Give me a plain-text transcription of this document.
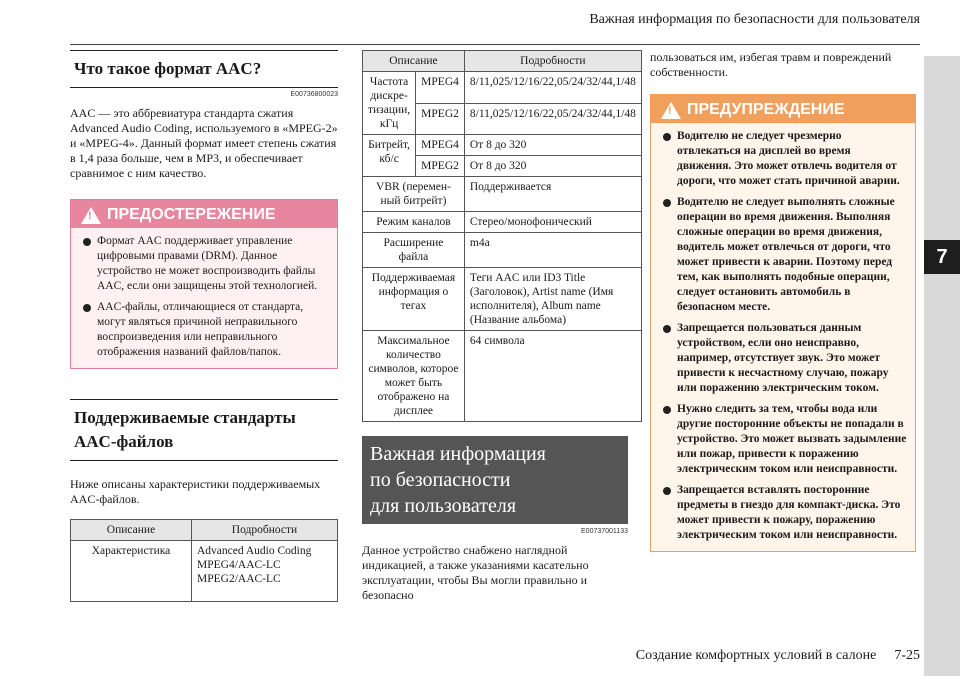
Важная информация по безопасности для пользователя
7
Что такое формат AAC?
E00736800023
AAC — это аббревиатура стандарта сжатия Advanced Audio Coding, используемого в «MPEG-2» и «MPEG-4». Данный формат имеет степень сжатия в 1,4 раза больше, чем в MP3, и обеспечивает сравнимое с ним качество.
! ПРЕДОСТЕРЕЖЕНИЕ
Формат AAC поддерживает управление цифровыми правами (DRM). Данное устройство не может воспроизводить файлы AAC, если они защищены этой технологией.
AAC-файлы, отличающиеся от стандарта, могут являться причиной неправильного воспроизведения или неправильного отображения названий файлов/папок.
Поддерживаемые стандарты
AAC-файлов
Ниже описаны характеристики поддерживаемых AAC-файлов.
Описание	Подробности
Характеристика	Advanced Audio Coding
MPEG4/AAC-LC
MPEG2/AAC-LC
Описание		Подробности
Частота дискре-тизации, кГц	MPEG4	8/11,025/12/16/22,05/24/32/44,1/48
	MPEG2	8/11,025/12/16/22,05/24/32/44,1/48
Битрейт, кб/с	MPEG4	От 8 до 320
	MPEG2	От 8 до 320
VBR (перемен-ный битрейт)		Поддерживается
Режим каналов		Стерео/монофонический
Расширение файла		m4a
Поддерживаемая информация о тегах		Теги AAC или ID3 Title (Заголовок), Artist name (Имя исполнителя), Album name (Название альбома)
Максимальное количество символов, которое может быть отображено на дисплее		64 символа
Важная информация
по безопасности
для пользователя
E00737001133
Данное устройство снабжено наглядной индикацией, а также указаниями касательно эксплуатации, чтобы Вы могли правильно и безопасно
пользоваться им, избегая травм и повреждений собственности.
! ПРЕДУПРЕЖДЕНИЕ
Водителю не следует чрезмерно отвлекаться на дисплей во время движения. Это может отвлечь водителя от дороги, что может стать причиной аварии.
Водителю не следует выполнять сложные операции во время движения. Выполняя сложные операции во время движения, водитель может отвлечься от дороги, что может привести к аварии. Поэтому перед тем, как выполнять подобные операции, следует остановить автомобиль в безопасном месте.
Запрещается пользоваться данным устройством, если оно неисправно, например, отсутствует звук. Это может привести к несчастному случаю, пожару или поражению электрическим током.
Нужно следить за тем, чтобы вода или другие посторонние объекты не попадали в устройство. Это может вызвать задымление или пожар, привести к поражению электрическим током или неисправности.
Запрещается вставлять посторонние предметы в гнездо для компакт-диска. Это может привести к пожару, поражению электрическим током или неисправности.
Создание комфортных условий в салоне 7-25
